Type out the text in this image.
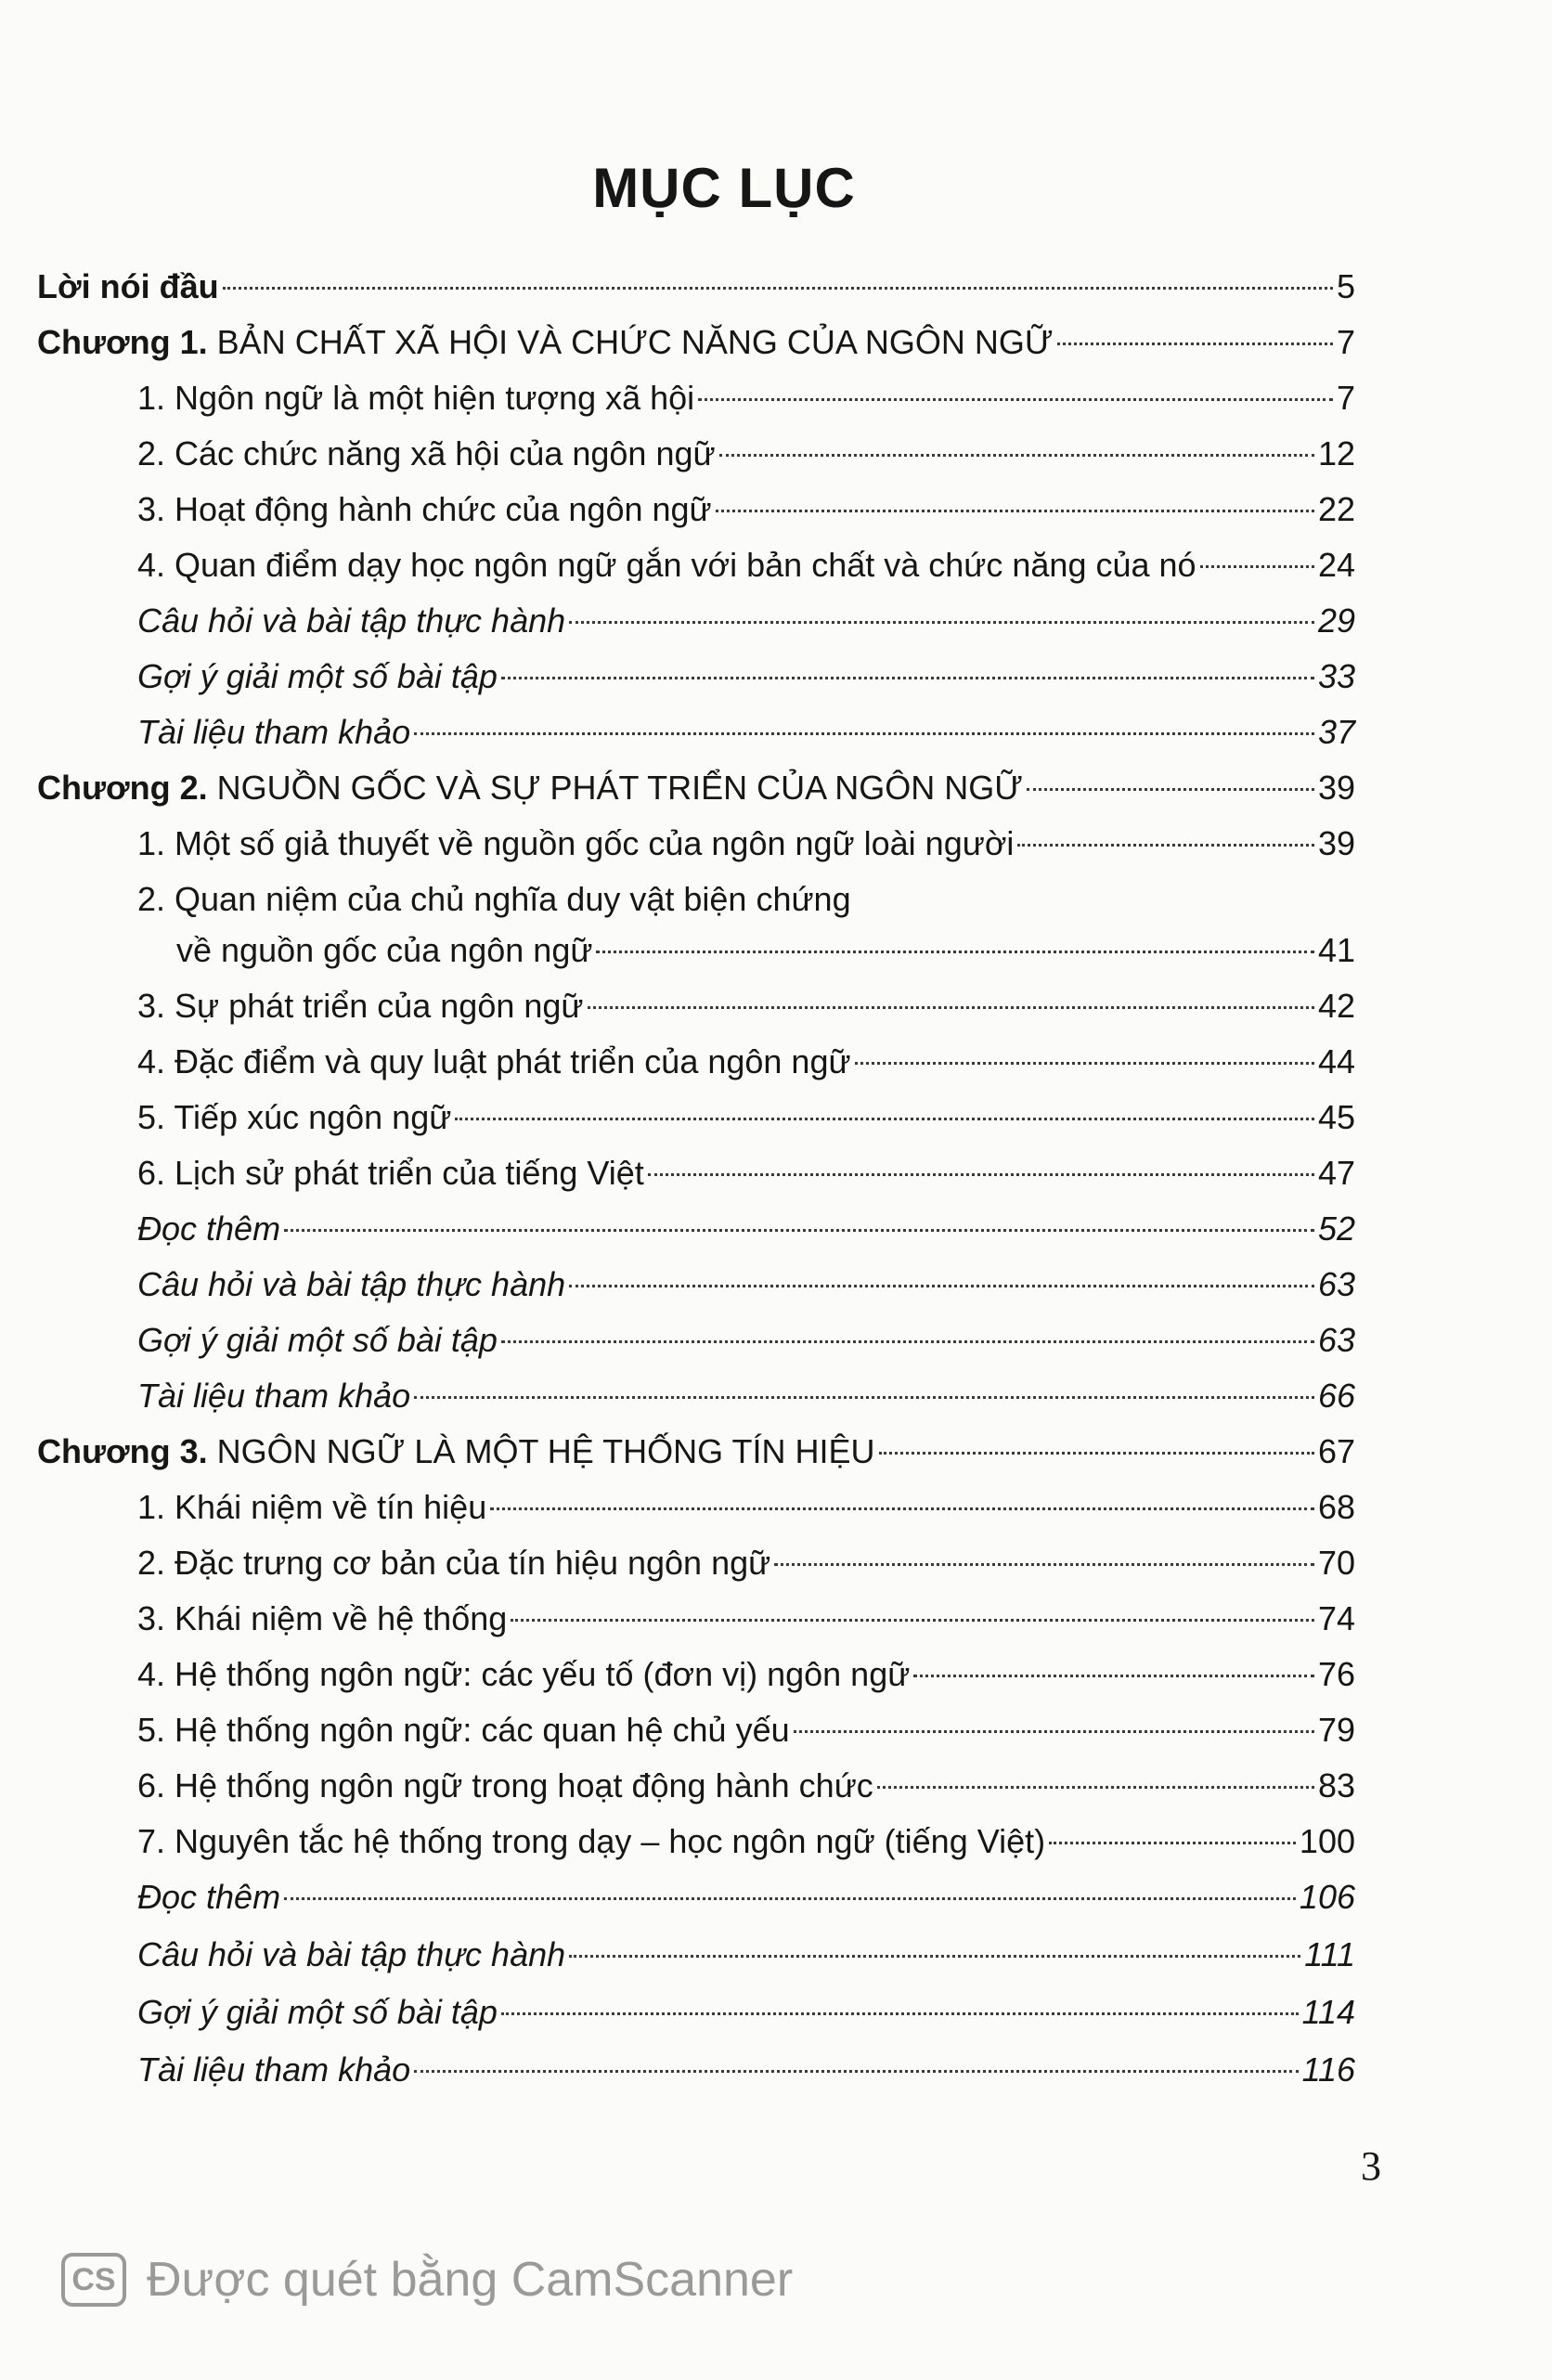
MỤC LỤC
Lời nói đầu	5
Chương 1. BẢN CHẤT XÃ HỘI VÀ CHỨC NĂNG CỦA NGÔN NGỮ	7
1. Ngôn ngữ là một hiện tượng xã hội	7
2. Các chức năng xã hội của ngôn ngữ	12
3. Hoạt động hành chức của ngôn ngữ	22
4. Quan điểm dạy học ngôn ngữ gắn với bản chất và chức năng của nó	24
Câu hỏi và bài tập thực hành	29
Gợi ý giải một số bài tập	33
Tài liệu tham khảo	37
Chương 2. NGUỒN GỐC VÀ SỰ PHÁT TRIỂN CỦA NGÔN NGỮ	39
1. Một số giả thuyết về nguồn gốc của ngôn ngữ loài người	39
2. Quan niệm của chủ nghĩa duy vật biện chứng
về nguồn gốc của ngôn ngữ	41
3. Sự phát triển của ngôn ngữ	42
4. Đặc điểm và quy luật phát triển của ngôn ngữ	44
5. Tiếp xúc ngôn ngữ	45
6. Lịch sử phát triển của tiếng Việt	47
Đọc thêm	52
Câu hỏi và bài tập thực hành	63
Gợi ý giải một số bài tập	63
Tài liệu tham khảo	66
Chương 3. NGÔN NGỮ LÀ MỘT HỆ THỐNG TÍN HIỆU	67
1. Khái niệm về tín hiệu	68
2. Đặc trưng cơ bản của tín hiệu ngôn ngữ	70
3. Khái niệm về hệ thống	74
4. Hệ thống ngôn ngữ: các yếu tố (đơn vị) ngôn ngữ	76
5. Hệ thống ngôn ngữ: các quan hệ chủ yếu	79
6. Hệ thống ngôn ngữ trong hoạt động hành chức	83
7. Nguyên tắc hệ thống trong dạy – học ngôn ngữ (tiếng Việt)	100
Đọc thêm	106
Câu hỏi và bài tập thực hành	111
Gợi ý giải một số bài tập	114
Tài liệu tham khảo	116
3
CS Được quét bằng CamScanner
